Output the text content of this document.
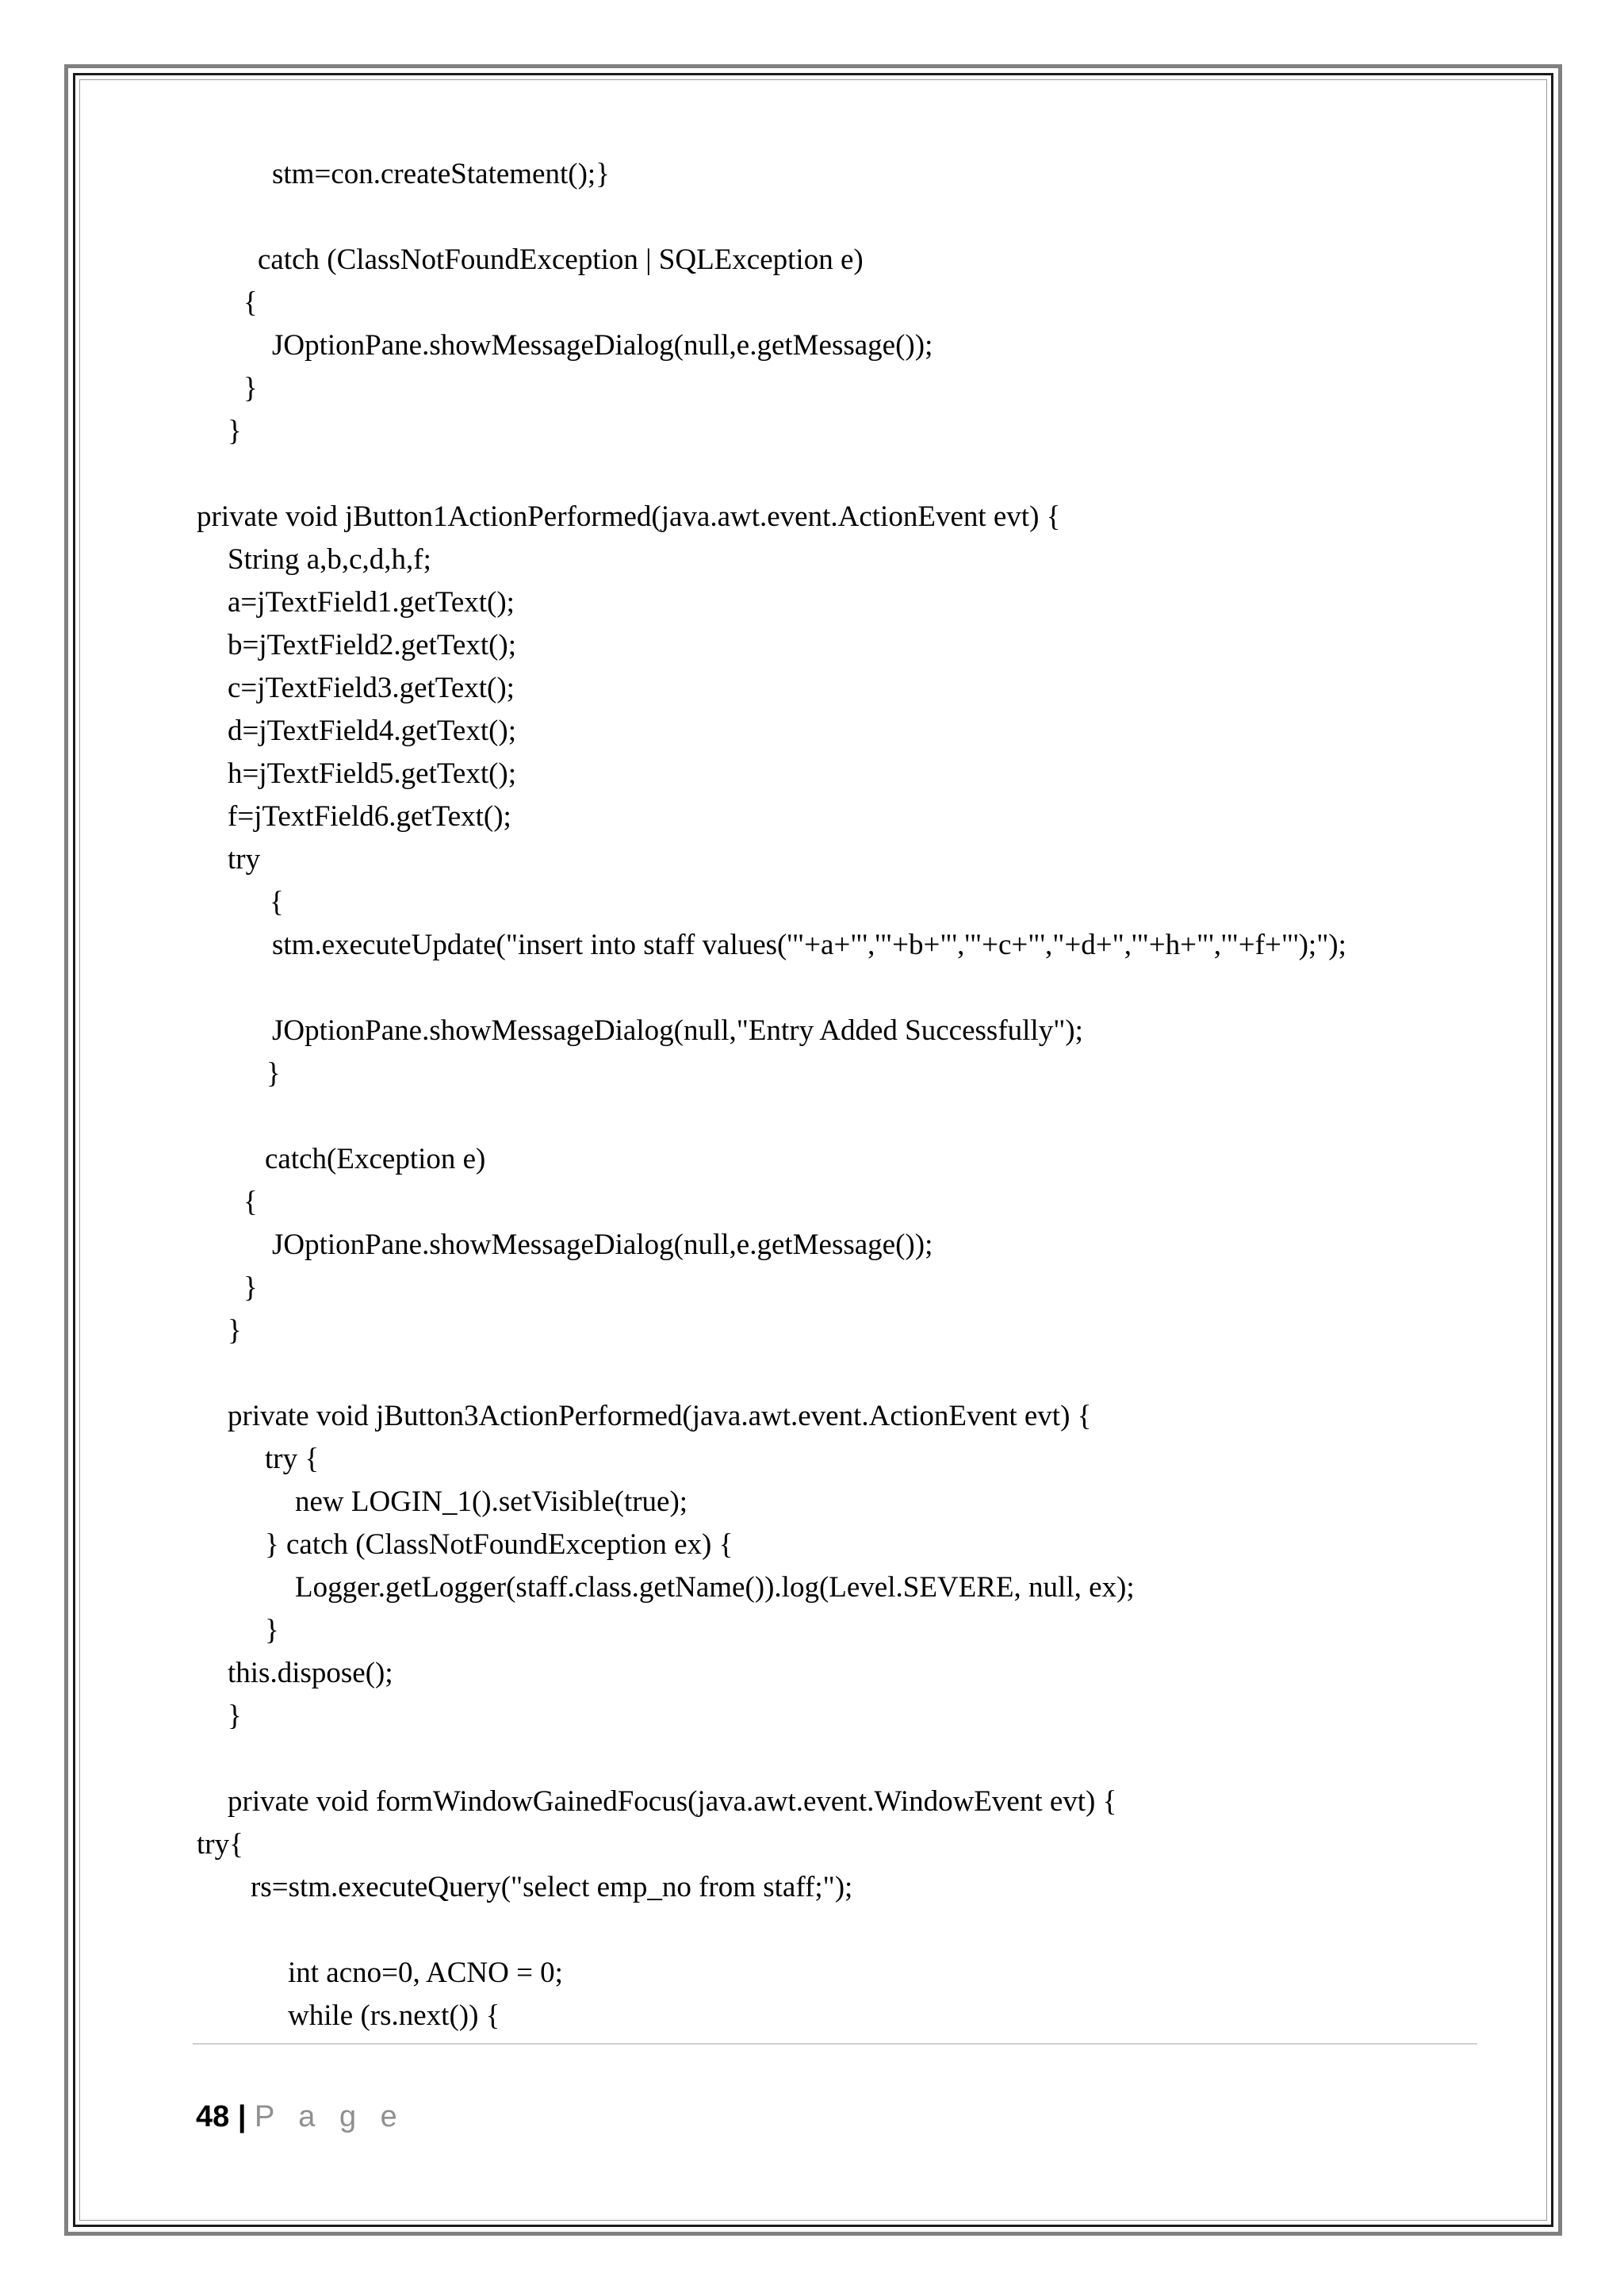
stm=con.createStatement();}

catch (ClassNotFoundException | SQLException e)

{

JOptionPane.showMessageDialog(null,e.getMessage());

}

}

private void jButton1ActionPerformed(java.awt.event.ActionEvent evt) {

String a,b,c,d,h,f;

a=jTextField1.getText();

b=jTextField2.getText();

c=jTextField3.getText();

d=jTextField4.getText();

h=jTextField5.getText();

f=jTextField6.getText();

try

{

stm.executeUpdate("insert into staff values('"+a+"','"+b+"','"+c+"',"+d+",'"+h+"','"+f+"');");

JOptionPane.showMessageDialog(null,"Entry Added Successfully");

}

catch(Exception e)

{

JOptionPane.showMessageDialog(null,e.getMessage());

}

}

private void jButton3ActionPerformed(java.awt.event.ActionEvent evt) {

try {

new LOGIN_1().setVisible(true);

} catch (ClassNotFoundException ex) {

Logger.getLogger(staff.class.getName()).log(Level.SEVERE, null, ex);

}

this.dispose();

}

private void formWindowGainedFocus(java.awt.event.WindowEvent evt) {

try{

rs=stm.executeQuery("select emp_no from staff;");

int acno=0, ACNO = 0;

while (rs.next()) {

48 | P a g e
